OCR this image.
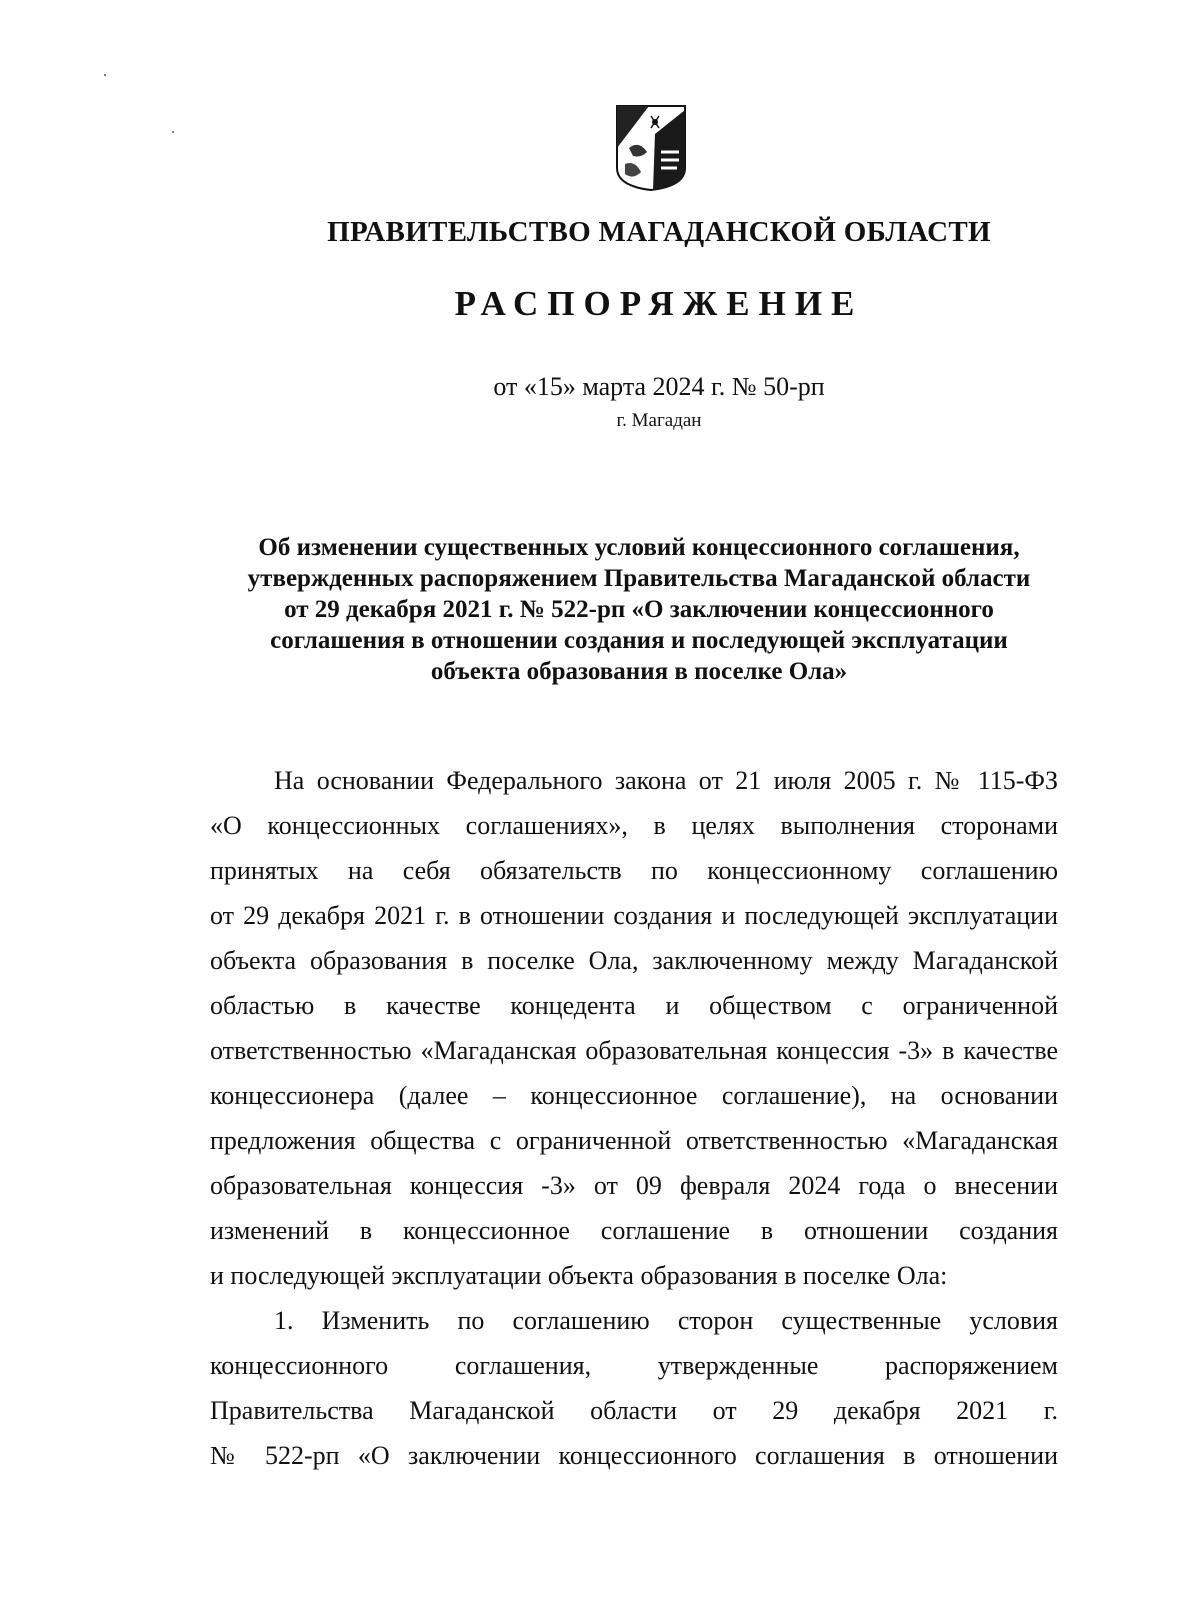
ПРАВИТЕЛЬСТВО МАГАДАНСКОЙ ОБЛАСТИ
РАСПОРЯЖЕНИЕ
от «15» марта 2024 г. № 50-рп
г. Магадан
Об изменении существенных условий концессионного соглашения,
утвержденных распоряжением Правительства Магаданской области
от 29 декабря 2021 г. № 522-рп «О заключении концессионного
соглашения в отношении создания и последующей эксплуатации
объекта образования в поселке Ола»
На основании Федерального закона от 21 июля 2005 г. № 115-ФЗ
«О концессионных соглашениях», в целях выполнения сторонами
принятых на себя обязательств по концессионному соглашению
от 29 декабря 2021 г. в отношении создания и последующей эксплуатации
объекта образования в поселке Ола, заключенному между Магаданской
областью в качестве концедента и обществом с ограниченной
ответственностью «Магаданская образовательная концессия -3» в качестве
концессионера (далее – концессионное соглашение), на основании
предложения общества с ограниченной ответственностью «Магаданская
образовательная концессия -3» от 09 февраля 2024 года о внесении
изменений в концессионное соглашение в отношении создания
и последующей эксплуатации объекта образования в поселке Ола:
1. Изменить по соглашению сторон существенные условия
концессионного соглашения, утвержденные распоряжением
Правительства Магаданской области от 29 декабря 2021 г.
№ 522-рп «О заключении концессионного соглашения в отношении
